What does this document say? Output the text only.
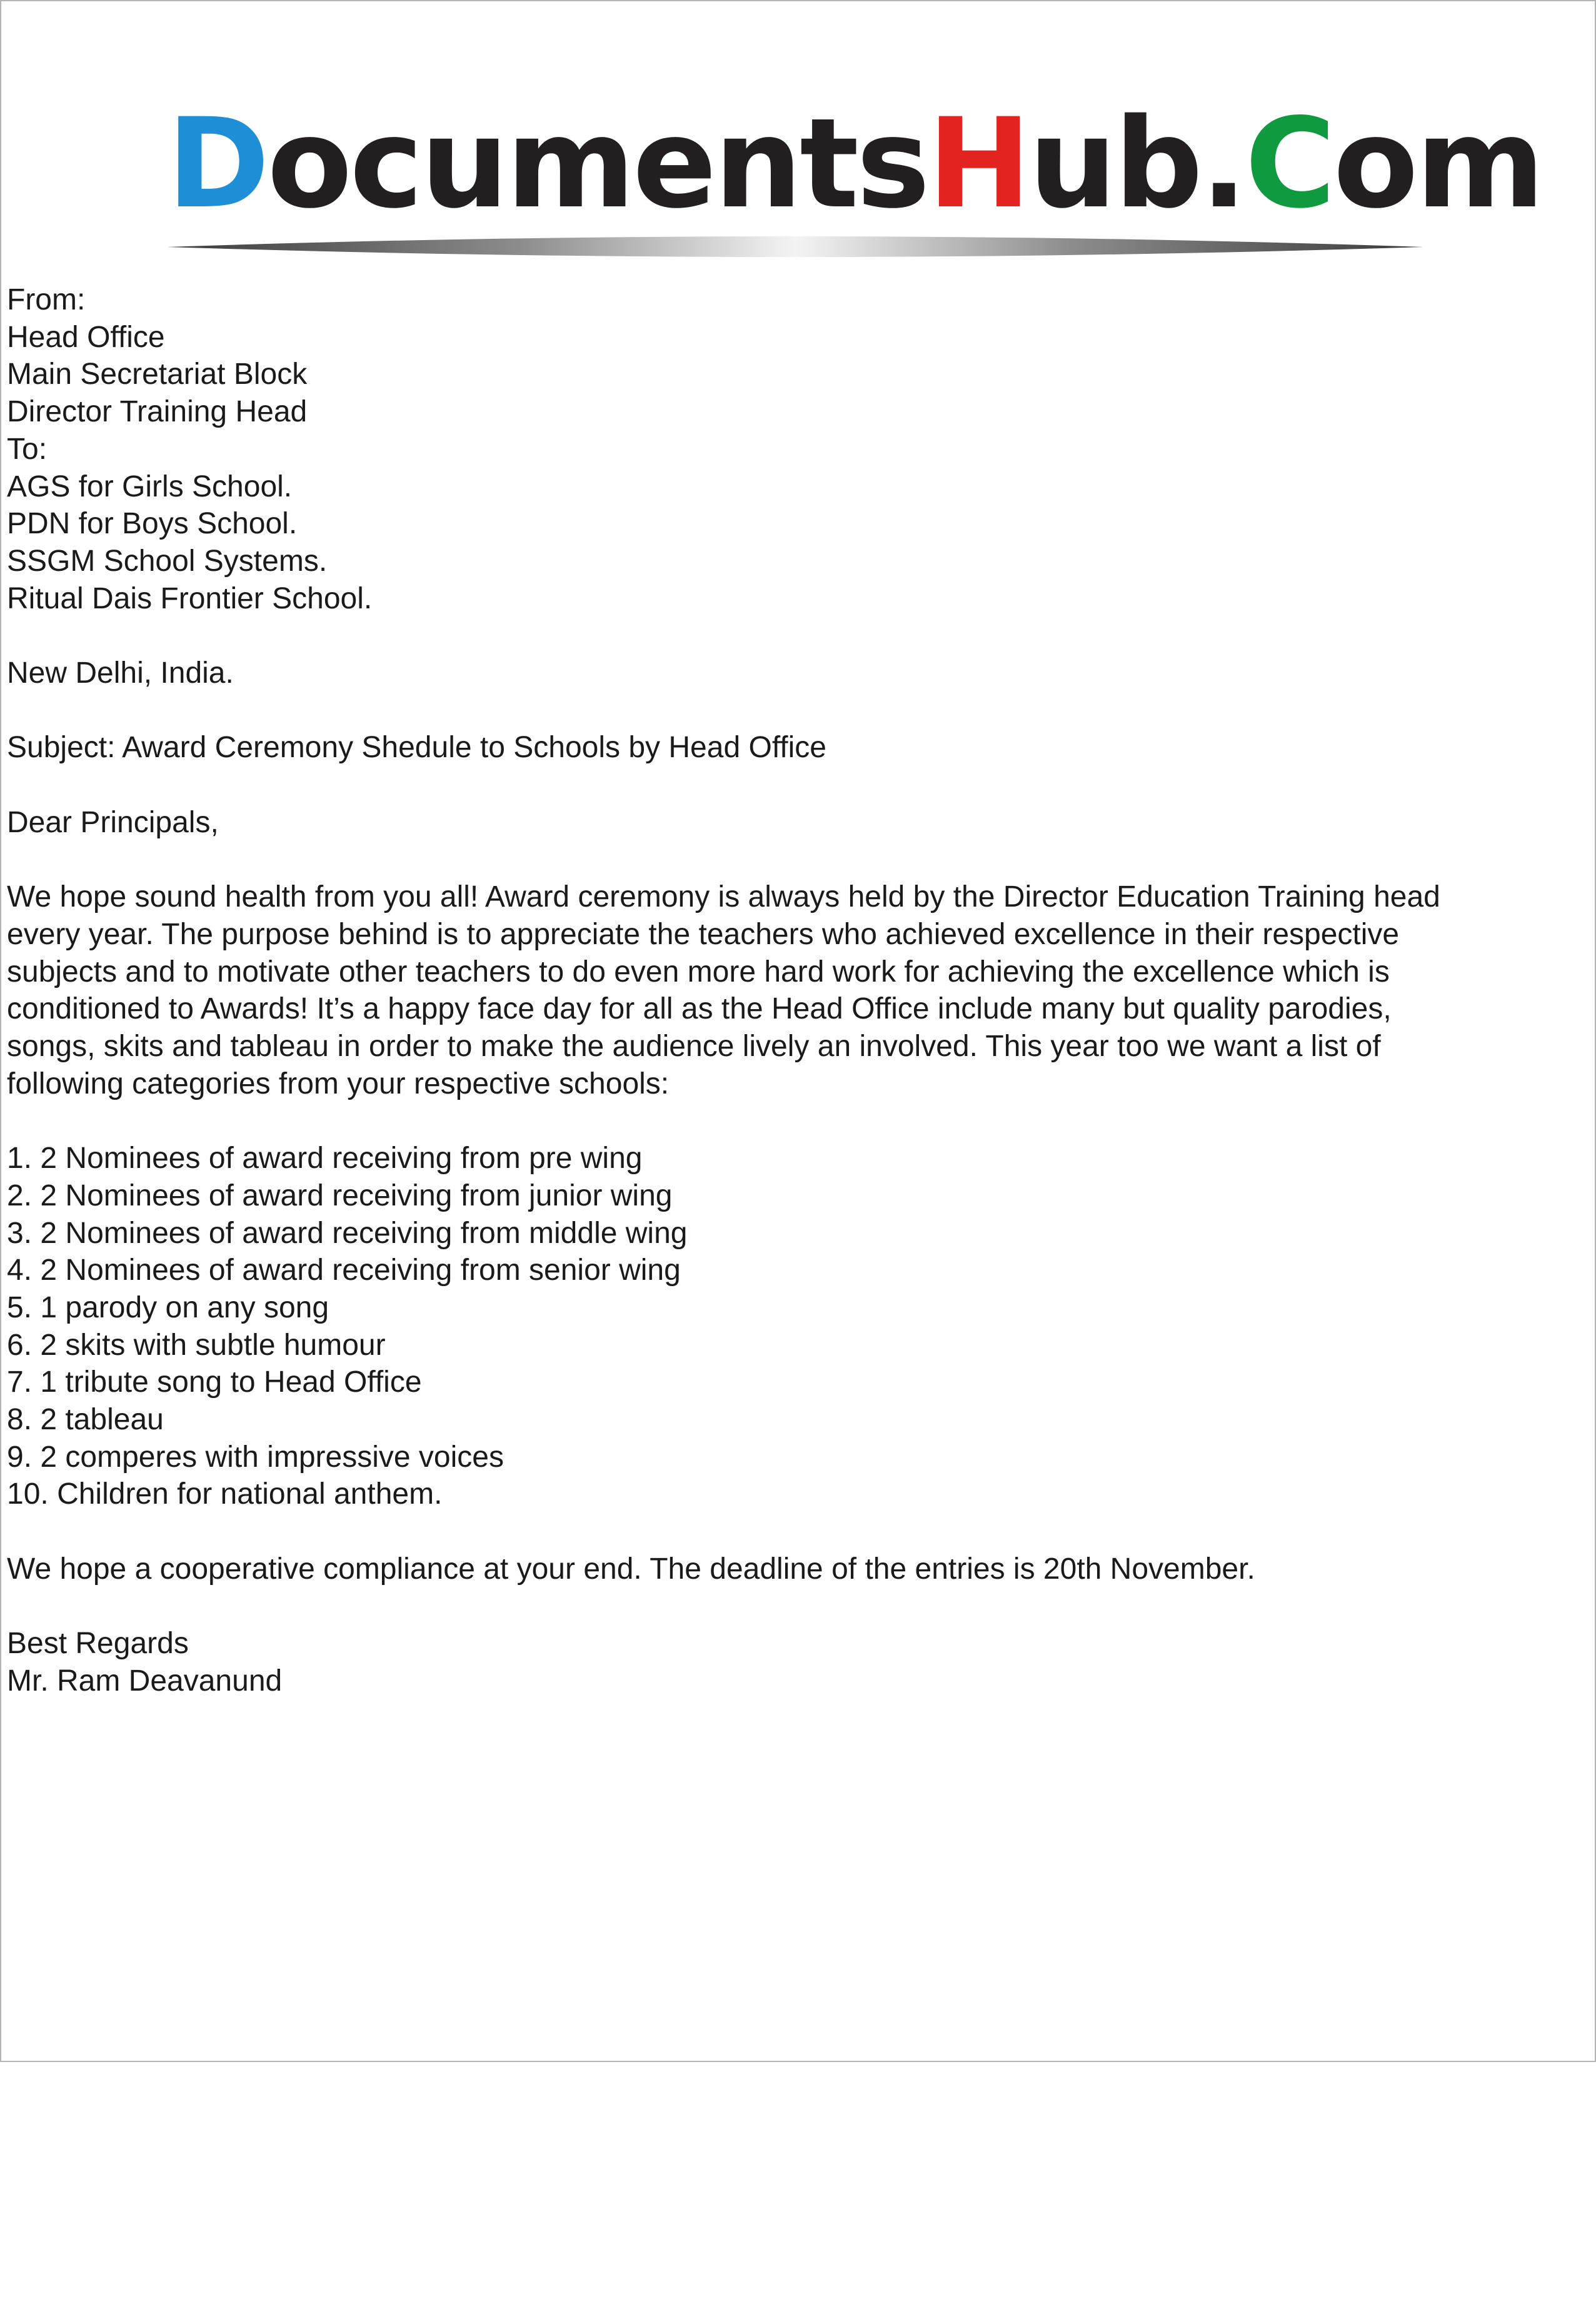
DocumentsHub.Com
From:
Head Office
Main Secretariat Block
Director Training Head
To:
AGS for Girls School.
PDN for Boys School.
SSGM School Systems.
Ritual Dais Frontier School.
New Delhi, India.
Subject: Award Ceremony Shedule to Schools by Head Office
Dear Principals,
We hope sound health from you all! Award ceremony is always held by the Director Education Training head
every year. The purpose behind is to appreciate the teachers who achieved excellence in their respective
subjects and to motivate other teachers to do even more hard work for achieving the excellence which is
conditioned to Awards! It’s a happy face day for all as the Head Office include many but quality parodies,
songs, skits and tableau in order to make the audience lively an involved. This year too we want a list of
following categories from your respective schools:
1. 2 Nominees of award receiving from pre wing
2. 2 Nominees of award receiving from junior wing
3. 2 Nominees of award receiving from middle wing
4. 2 Nominees of award receiving from senior wing
5. 1 parody on any song
6. 2 skits with subtle humour
7. 1 tribute song to Head Office
8. 2 tableau
9. 2 comperes with impressive voices
10. Children for national anthem.
We hope a cooperative compliance at your end. The deadline of the entries is 20th November.
Best Regards
Mr. Ram Deavanund
